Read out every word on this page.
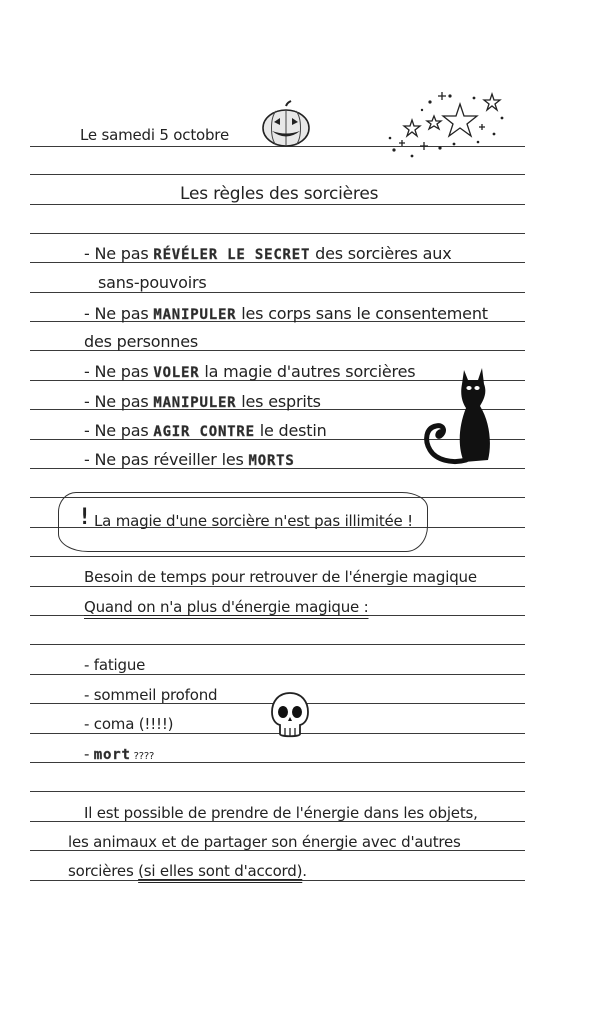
Le samedi 5 octobre
Les règles des sorcières
- Ne pas RÉVÉLER LE SECRET des sorcières aux
sans-pouvoirs
- Ne pas MANIPULER les corps sans le consentement
des personnes
- Ne pas VOLER la magie d'autres sorcières
- Ne pas MANIPULER les esprits
- Ne pas AGIR CONTRE le destin
- Ne pas réveiller les MORTS
! La magie d'une sorcière n'est pas illimitée !
Besoin de temps pour retrouver de l'énergie magique
Quand on n'a plus d'énergie magique :
- fatigue
- sommeil profond
- coma (!!!!)
- mort ????
Il est possible de prendre de l'énergie dans les objets,
les animaux et de partager son énergie avec d'autres
sorcières (si elles sont d'accord).
